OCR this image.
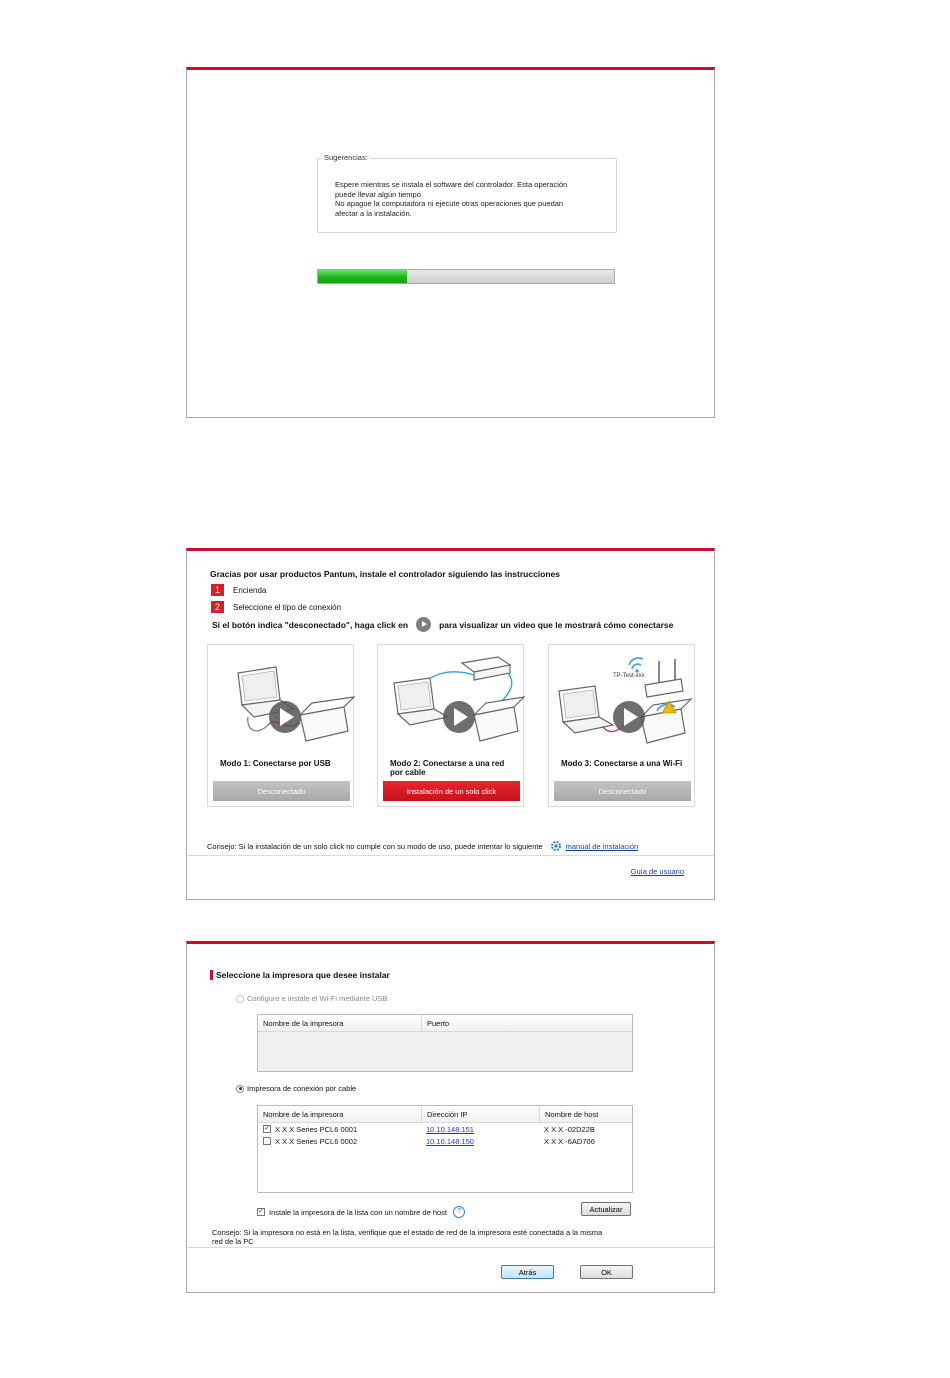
Sugerencias:
Espere mientras se instala el software del controlador. Esta operación
puede llevar algún tiempo.
No apague la computadora ni ejecute otras operaciones que puedan
afectar a la instalación.
Gracias por usar productos Pantum, instale el controlador siguiendo las instrucciones
1	Encienda
2	Seleccione el tipo de conexión
Si el botón indica "desconectado", haga click en	para visualizar un video que le mostrará cómo conectarse
Modo 1: Conectarse por USB
Desconectado
Modo 2: Conectarse a una red por cable
Instalación de un solo click
TP-Test-xxx
Modo 3: Conectarse a una Wi-Fi
Desconectado
Consejo: Si la instalación de un solo click no cumple con su modo de uso, puede intentar lo siguiente	manual de instalación
Guía de usuario
Seleccione la impresora que desee instalar
Configure e instale el Wi-Fi mediante USB
Nombre de la impresora	Puerto
Impresora de conexión por cable
Nombre de la impresora	Dirección IP	Nombre de host
✓ X X X Series PCL6 0001	10.10.148.151	X X X -02D22B
X X X Series PCL6 0002	10.10.148.150	X X X -6AD706
✓ Instale la impresora de la lista con un nombre de host	?	Actualizar
Consejo: Si la impresora no está en la lista, verifique que el estado de red de la impresora esté conectada a la misma
red de la PC
Atrás	OK
